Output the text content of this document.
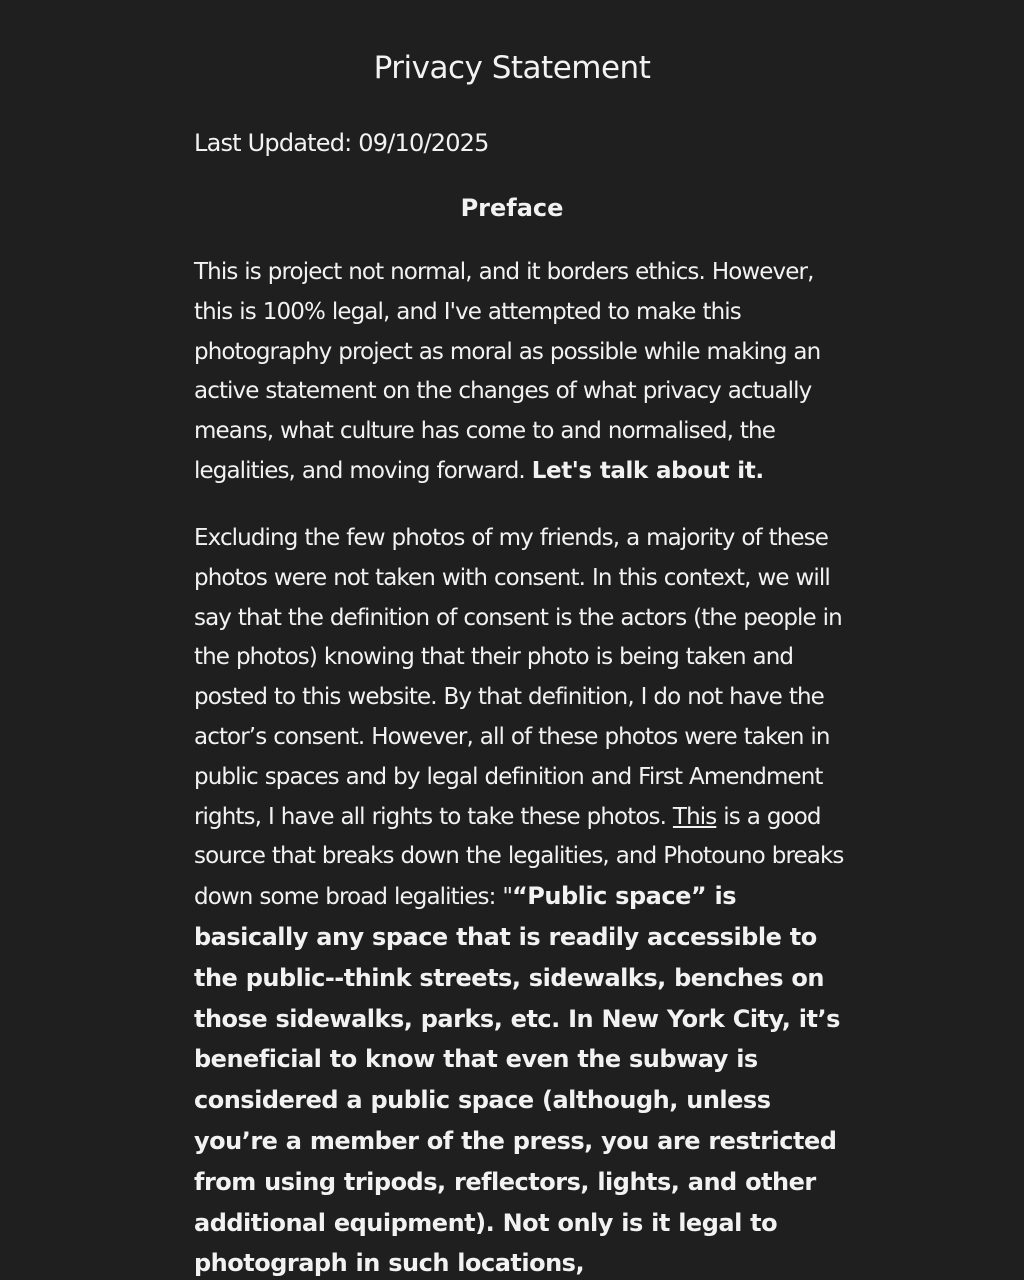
Privacy Statement

Last Updated: 09/10/2025

Preface

This is project not normal, and it borders ethics. However, this is 100% legal, and I've attempted to make this photography project as moral as possible while making an active statement on the changes of what privacy actually means, what culture has come to and normalised, the legalities, and moving forward. Let's talk about it.

Excluding the few photos of my friends, a majority of these photos were not taken with consent. In this context, we will say that the definition of consent is the actors (the people in the photos) knowing that their photo is being taken and posted to this website. By that definition, I do not have the actor’s consent. However, all of these photos were taken in public spaces and by legal definition and First Amendment rights, I have all rights to take these photos. This is a good source that breaks down the legalities, and Photouno breaks down some broad legalities: "“Public space” is basically any space that is readily accessible to the public--think streets, sidewalks, benches on those sidewalks, parks, etc. In New York City, it’s beneficial to know that even the subway is considered a public space (although, unless you’re a member of the press, you are restricted from using tripods, reflectors, lights, and other additional equipment). Not only is it legal to photograph in such locations,
